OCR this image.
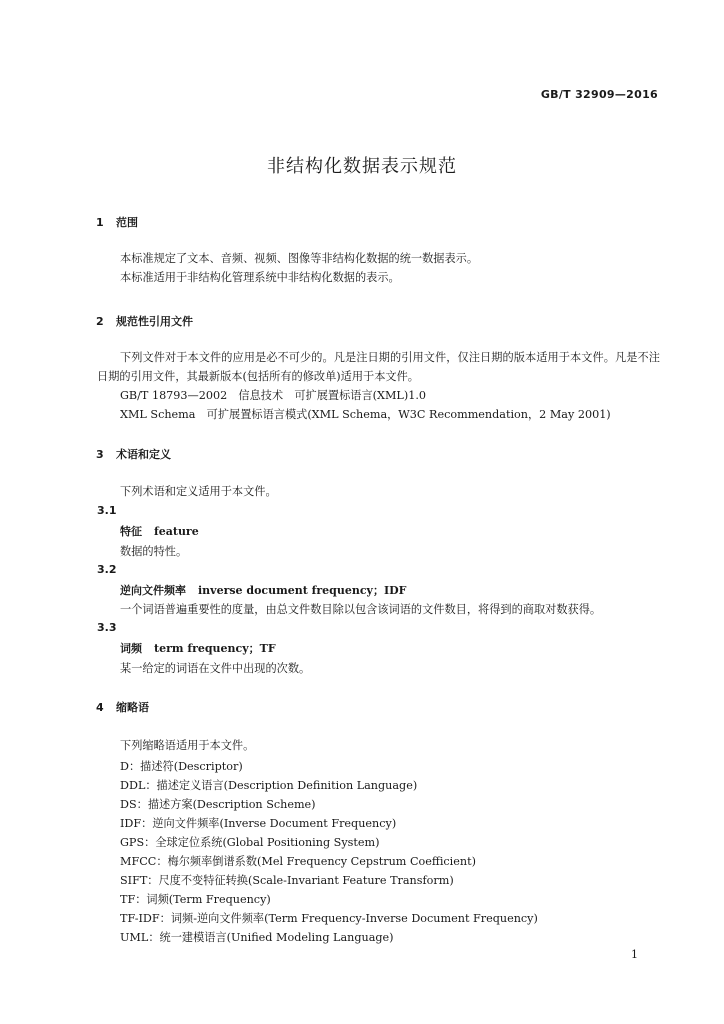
GB/T 32909—2016
非结构化数据表示规范
1 范围
本标准规定了文本、音频、视频、图像等非结构化数据的统一数据表示。
本标准适用于非结构化管理系统中非结构化数据的表示。
2 规范性引用文件
下列文件对于本文件的应用是必不可少的。凡是注日期的引用文件，仅注日期的版本适用于本文件。凡是不注日期的引用文件，其最新版本(包括所有的修改单)适用于本文件。
GB/T 18793—2002　信息技术　可扩展置标语言(XML)1.0
XML Schema　可扩展置标语言模式(XML Schema，W3C Recommendation，2 May 2001)
3 术语和定义
下列术语和定义适用于本文件。
3.1
特征 feature
数据的特性。
3.2
逆向文件频率 inverse document frequency；IDF
一个词语普遍重要性的度量，由总文件数目除以包含该词语的文件数目，将得到的商取对数获得。
3.3
词频 term frequency；TF
某一给定的词语在文件中出现的次数。
4 缩略语
下列缩略语适用于本文件。
D：描述符(Descriptor)
DDL：描述定义语言(Description Definition Language)
DS：描述方案(Description Scheme)
IDF：逆向文件频率(Inverse Document Frequency)
GPS：全球定位系统(Global Positioning System)
MFCC：梅尔频率倒谱系数(Mel Frequency Cepstrum Coefficient)
SIFT：尺度不变特征转换(Scale-Invariant Feature Transform)
TF：词频(Term Frequency)
TF-IDF：词频-逆向文件频率(Term Frequency-Inverse Document Frequency)
UML：统一建模语言(Unified Modeling Language)
1
